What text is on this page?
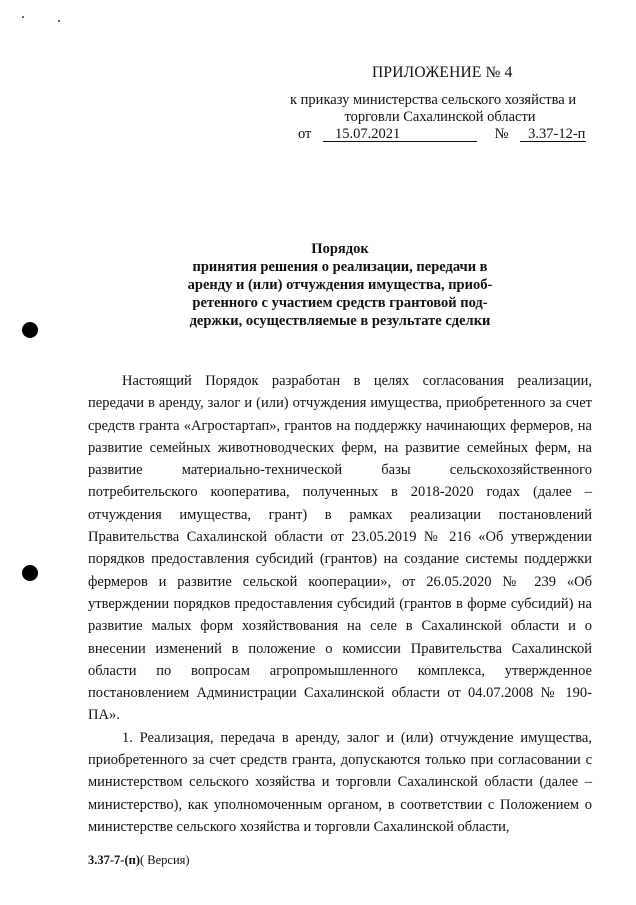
ПРИЛОЖЕНИЕ № 4
к приказу министерства сельского хозяйства и
торговли Сахалинской области
от 15.07.2021	№ 3.37-12-п
Порядок
принятия решения о реализации, передачи в
аренду и (или) отчуждения имущества, приоб-
ретенного с участием средств грантовой под-
держки, осуществляемые в результате сделки

Настоящий Порядок разработан в целях согласования реализации, передачи в аренду, залог и (или) отчуждения имущества, приобретенного за счет средств гранта «Агростартап», грантов на поддержку начинающих фермеров, на развитие семейных животноводческих ферм, на развитие семейных ферм, на развитие материально-технической базы сельскохозяйственного потребительского кооператива, полученных в 2018-2020 годах (далее – отчуждения имущества, грант) в рамках реализации постановлений Правительства Сахалинской области от 23.05.2019 № 216 «Об утверждении порядков предоставления субсидий (грантов) на создание системы поддержки фермеров и развитие сельской кооперации», от 26.05.2020 № 239 «Об утверждении порядков предоставления субсидий (грантов в форме субсидий) на развитие малых форм хозяйствования на селе в Сахалинской области и о внесении изменений в положение о комиссии Правительства Сахалинской области по вопросам агропромышленного комплекса, утвержденное постановлением Администрации Сахалинской области от 04.07.2008 № 190-ПА».

1. Реализация, передача в аренду, залог и (или) отчуждение имущества, приобретенного за счет средств гранта, допускаются только при согласовании с министерством сельского хозяйства и торговли Сахалинской области (далее – министерство), как уполномоченным органом, в соответствии с Положением о министерстве сельского хозяйства и торговли Сахалинской области,

3.37-7-(п)( Версия)
